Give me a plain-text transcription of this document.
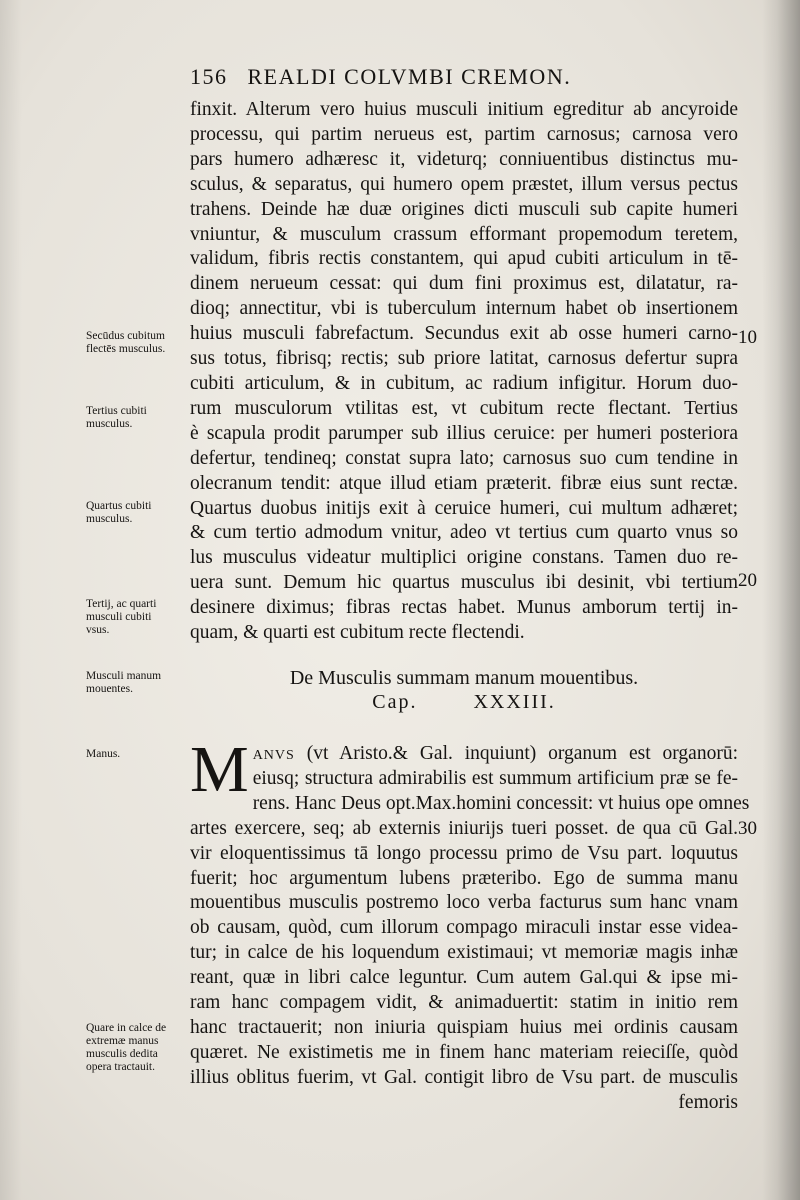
156 REALDI COLVMBI CREMON.
finxit. Alterum vero huius musculi initium egreditur ab ancyroide
processu, qui partim nerueus est, partim carnosus; carnosa vero
pars humero adhæresc it, videturq; conniuentibus distinctus mu-
sculus, & separatus, qui humero opem præstet, illum versus pectus
trahens. Deinde hæ duæ origines dicti musculi sub capite humeri
vniuntur, & musculum crassum efformant propemodum teretem,
validum, fibris rectis constantem, qui apud cubiti articulum in tē-
dinem nerueum cessat: qui dum fini proximus est, dilatatur, ra-
dioq; annectitur, vbi is tuberculum internum habet ob insertionem
huius musculi fabrefactum. Secundus exit ab osse humeri carno-
sus totus, fibrisq; rectis; sub priore latitat, carnosus defertur supra
cubiti articulum, & in cubitum, ac radium infigitur. Horum duo-
rum musculorum vtilitas est, vt cubitum recte flectant. Tertius
è scapula prodit parumper sub illius ceruice: per humeri posteriora
defertur, tendineq; constat supra lato; carnosus suo cum tendine in
olecranum tendit: atque illud etiam præterit. fibræ eius sunt rectæ.
Quartus duobus initijs exit à ceruice humeri, cui multum adhæret;
& cum tertio admodum vnitur, adeo vt tertius cum quarto vnus so
lus musculus videatur multiplici origine constans. Tamen duo re-
uera sunt. Demum hic quartus musculus ibi desinit, vbi tertium
desinere diximus; fibras rectas habet. Munus amborum tertij in-
quam, & quarti est cubitum recte flectendi.
Secūdus cubitum
flectēs musculus.
Tertius cubiti
musculus.
Quartus cubiti
musculus.
Tertij, ac quarti
musculi cubiti
vsus.
Musculi manum
mouentes.
Manus.
Quare in calce de
extremæ manus
musculis dedita
opera tractauit.
10
20
30
De Musculis summam manum mouentibus.
Cap.	XXXIII.
M anvs (vt Aristo.& Gal. inquiunt) organum est organorū:
eiusq; structura admirabilis est summum artificium præ se fe-
rens. Hanc Deus opt.Max.homini concessit: vt huius ope omnes
artes exercere, seq; ab externis iniurijs tueri posset. de qua cū Gal.
vir eloquentissimus tā longo processu primo de Vsu part. loquutus
fuerit; hoc argumentum lubens præteribo. Ego de summa manu
mouentibus musculis postremo loco verba facturus sum hanc vnam
ob causam, quòd, cum illorum compago miraculi instar esse videa-
tur; in calce de his loquendum existimaui; vt memoriæ magis inhæ
reant, quæ in libri calce leguntur. Cum autem Gal.qui & ipse mi-
ram hanc compagem vidit, & animaduertit: statim in initio rem
hanc tractauerit; non iniuria quispiam huius mei ordinis causam
quæret. Ne existimetis me in finem hanc materiam reieciſſe, quòd
illius oblitus fuerim, vt Gal. contigit libro de Vsu part. de musculis
femoris
